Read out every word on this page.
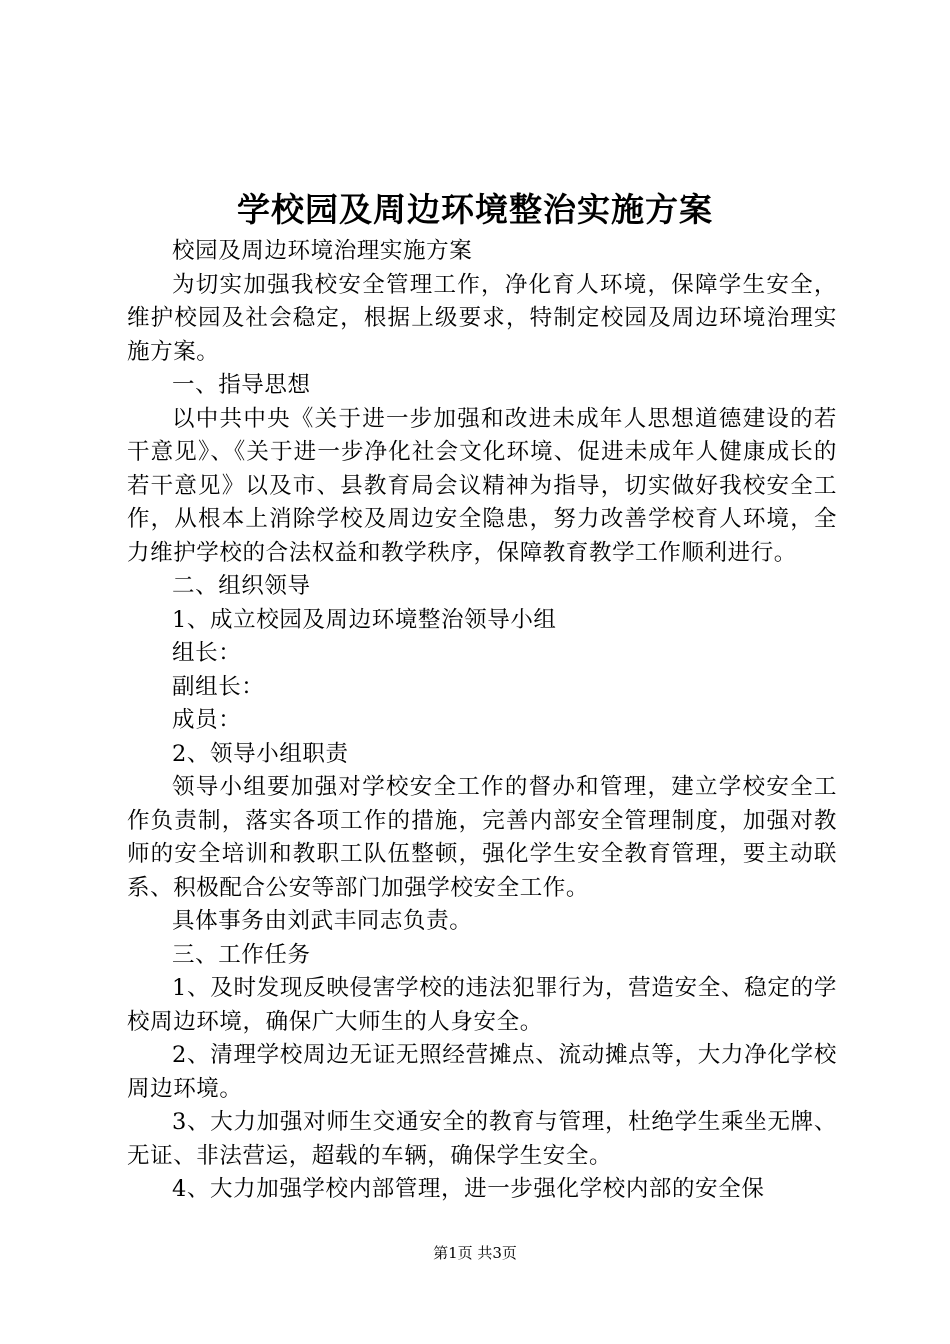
学校园及周边环境整治实施方案

校园及周边环境治理实施方案

为切实加强我校安全管理工作，净化育人环境，保障学生安全，维护校园及社会稳定，根据上级要求，特制定校园及周边环境治理实施方案。

一、指导思想

以中共中央《关于进一步加强和改进未成年人思想道德建设的若干意见》、《关于进一步净化社会文化环境、促进未成年人健康成长的若干意见》以及市、县教育局会议精神为指导，切实做好我校安全工作，从根本上消除学校及周边安全隐患，努力改善学校育人环境，全力维护学校的合法权益和教学秩序，保障教育教学工作顺利进行。

二、组织领导

1、成立校园及周边环境整治领导小组

组长：

副组长：

成员：

2、领导小组职责

领导小组要加强对学校安全工作的督办和管理，建立学校安全工作负责制，落实各项工作的措施，完善内部安全管理制度，加强对教师的安全培训和教职工队伍整顿，强化学生安全教育管理，要主动联系、积极配合公安等部门加强学校安全工作。

具体事务由刘武丰同志负责。

三、工作任务

1、及时发现反映侵害学校的违法犯罪行为，营造安全、稳定的学校周边环境，确保广大师生的人身安全。

2、清理学校周边无证无照经营摊点、流动摊点等，大力净化学校周边环境。

3、大力加强对师生交通安全的教育与管理，杜绝学生乘坐无牌、无证、非法营运，超载的车辆，确保学生安全。

4、大力加强学校内部管理，进一步强化学校内部的安全保

第1页 共3页
